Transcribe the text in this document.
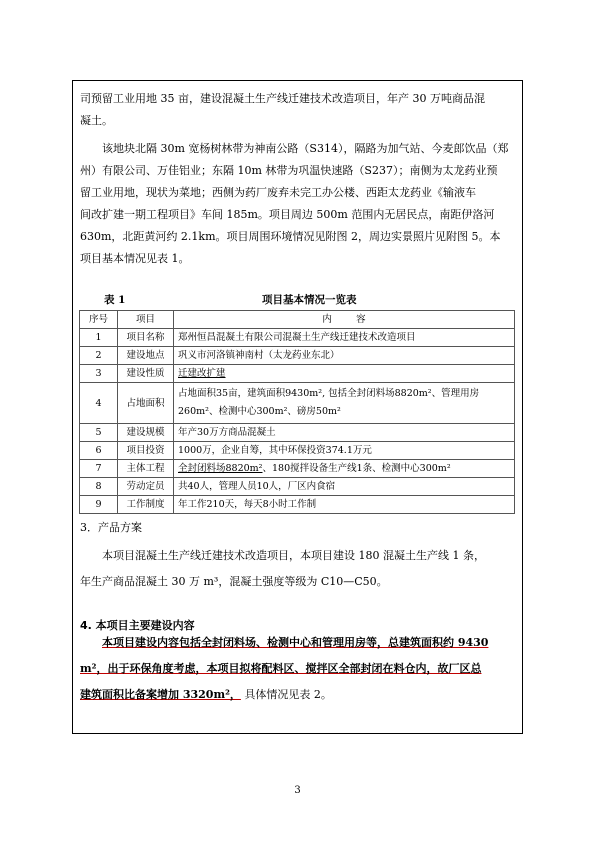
司预留工业用地 35 亩，建设混凝土生产线迁建技术改造项目，年产 30 万吨商品混
凝土。
该地块北隔 30m 宽杨树林带为神南公路（S314），隔路为加气站、今麦郎饮品（郑
州）有限公司、万佳铝业；东隔 10m 林带为巩温快速路（S237）；南侧为太龙药业预
留工业用地，现状为菜地；西侧为药厂废弃未完工办公楼、西距太龙药业《输液车
间改扩建一期工程项目》车间 185m。项目周边 500m 范围内无居民点，南距伊洛河
630m，北距黄河约 2.1km。项目周围环境情况见附图 2，周边实景照片见附图 5。本
项目基本情况见表 1。
表 1	项目基本情况一览表
序号	项目	内        容
1	项目名称	郑州恒昌混凝土有限公司混凝土生产线迁建技术改造项目
2	建设地点	巩义市河洛镇神南村（太龙药业东北）
3	建设性质	迁建改扩建
4	占地面积	占地面积35亩，建筑面积9430m², 包括全封闭料场8820m²、管理用房
260m²、检测中心300m²、磅房50m²

5	建设规模	年产30万方商品混凝土
6	项目投资	1000万，企业自筹，其中环保投资374.1万元
7	主体工程	全封闭料场8820m²、180搅拌设备生产线1条、检测中心300m²
8	劳动定员	共40人，管理人员10人，厂区内食宿
9	工作制度	年工作210天，每天8小时工作制
3．产品方案
本项目混凝土生产线迁建技术改造项目，本项目建设 180 混凝土生产线 1 条，
年生产商品混凝土 30 万 m³，混凝土强度等级为 C10—C50。
4. 本项目主要建设内容
本项目建设内容包括全封闭料场、检测中心和管理用房等，总建筑面积约 9430
m²，出于环保角度考虑，本项目拟将配料区、搅拌区全部封闭在料仓内，故厂区总
建筑面积比备案增加 3320m²， 具体情况见表 2。
3
